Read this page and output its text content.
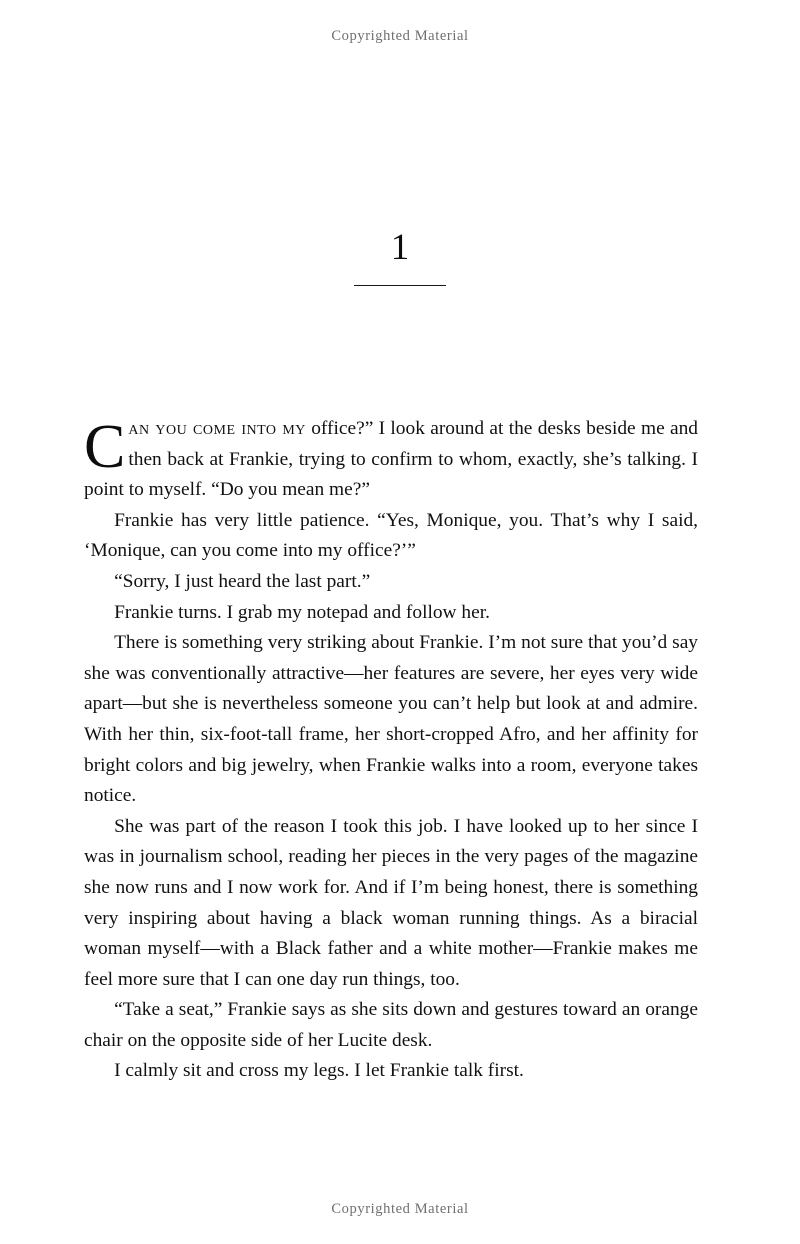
Copyrighted Material
1

Can you come into my office?” I look around at the desks beside me and then back at Frankie, trying to confirm to whom, exactly, she’s talking. I point to myself. “Do you mean me?”

Frankie has very little patience. “Yes, Monique, you. That’s why I said, ‘Monique, can you come into my office?’”

“Sorry, I just heard the last part.”

Frankie turns. I grab my notepad and follow her.

There is something very striking about Frankie. I’m not sure that you’d say she was conventionally attractive—her features are severe, her eyes very wide apart—but she is nevertheless someone you can’t help but look at and admire. With her thin, six-foot-tall frame, her short-cropped Afro, and her affinity for bright colors and big jewelry, when Frankie walks into a room, everyone takes notice.

She was part of the reason I took this job. I have looked up to her since I was in journalism school, reading her pieces in the very pages of the magazine she now runs and I now work for. And if I’m being honest, there is something very inspiring about having a black woman running things. As a biracial woman myself—with a Black father and a white mother—Frankie makes me feel more sure that I can one day run things, too.

“Take a seat,” Frankie says as she sits down and gestures toward an orange chair on the opposite side of her Lucite desk.

I calmly sit and cross my legs. I let Frankie talk first.

Copyrighted Material
